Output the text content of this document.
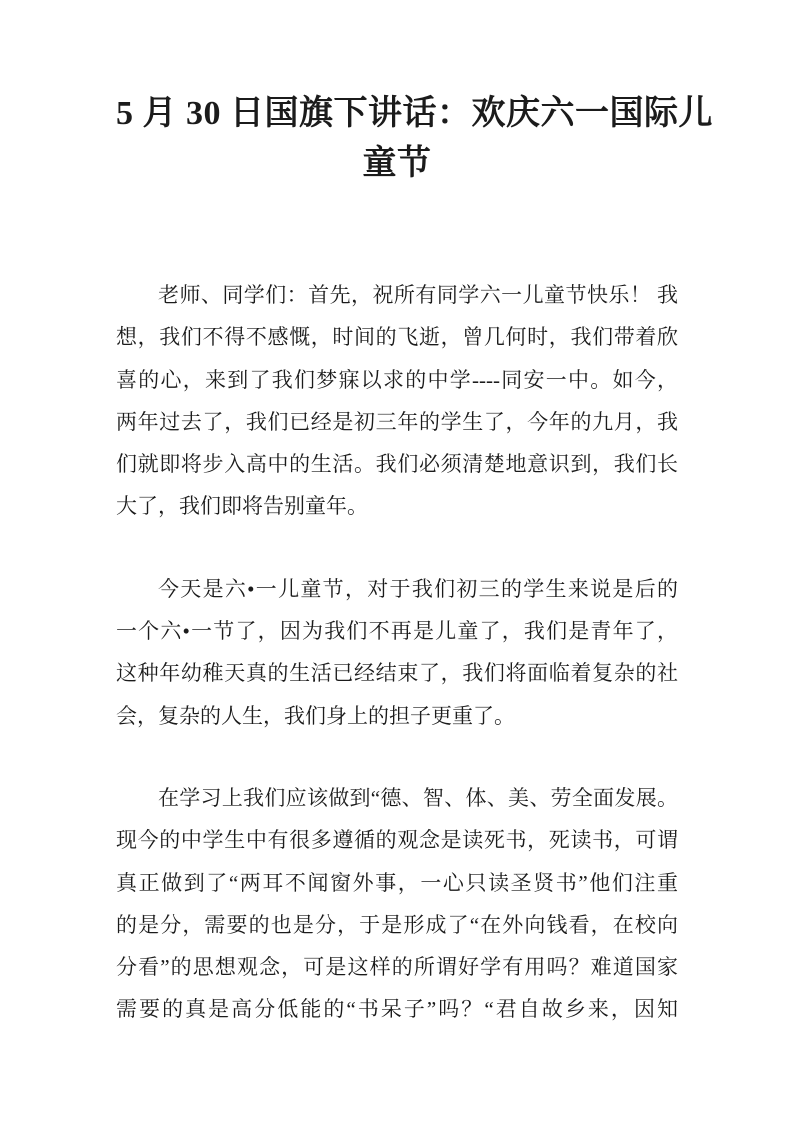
5 月 30 日国旗下讲话：欢庆六一国际儿
童节
老师、同学们：首先，祝所有同学六一儿童节快乐！ 我
想，我们不得不感慨，时间的飞逝，曾几何时，我们带着欣
喜的心，来到了我们梦寐以求的中学----同安一中。如今，
两年过去了，我们已经是初三年的学生了，今年的九月，我
们就即将步入高中的生活。我们必须清楚地意识到，我们长
大了，我们即将告别童年。
今天是六•一儿童节，对于我们初三的学生来说是后的
一个六•一节了，因为我们不再是儿童了，我们是青年了，
这种年幼稚天真的生活已经结束了，我们将面临着复杂的社
会，复杂的人生，我们身上的担子更重了。
在学习上我们应该做到“德、智、体、美、劳全面发展。
现今的中学生中有很多遵循的观念是读死书，死读书，可谓
真正做到了“两耳不闻窗外事，一心只读圣贤书”他们注重
的是分，需要的也是分，于是形成了“在外向钱看，在校向
分看”的思想观念，可是这样的所谓好学有用吗？难道国家
需要的真是高分低能的“书呆子”吗？“君自故乡来，因知
